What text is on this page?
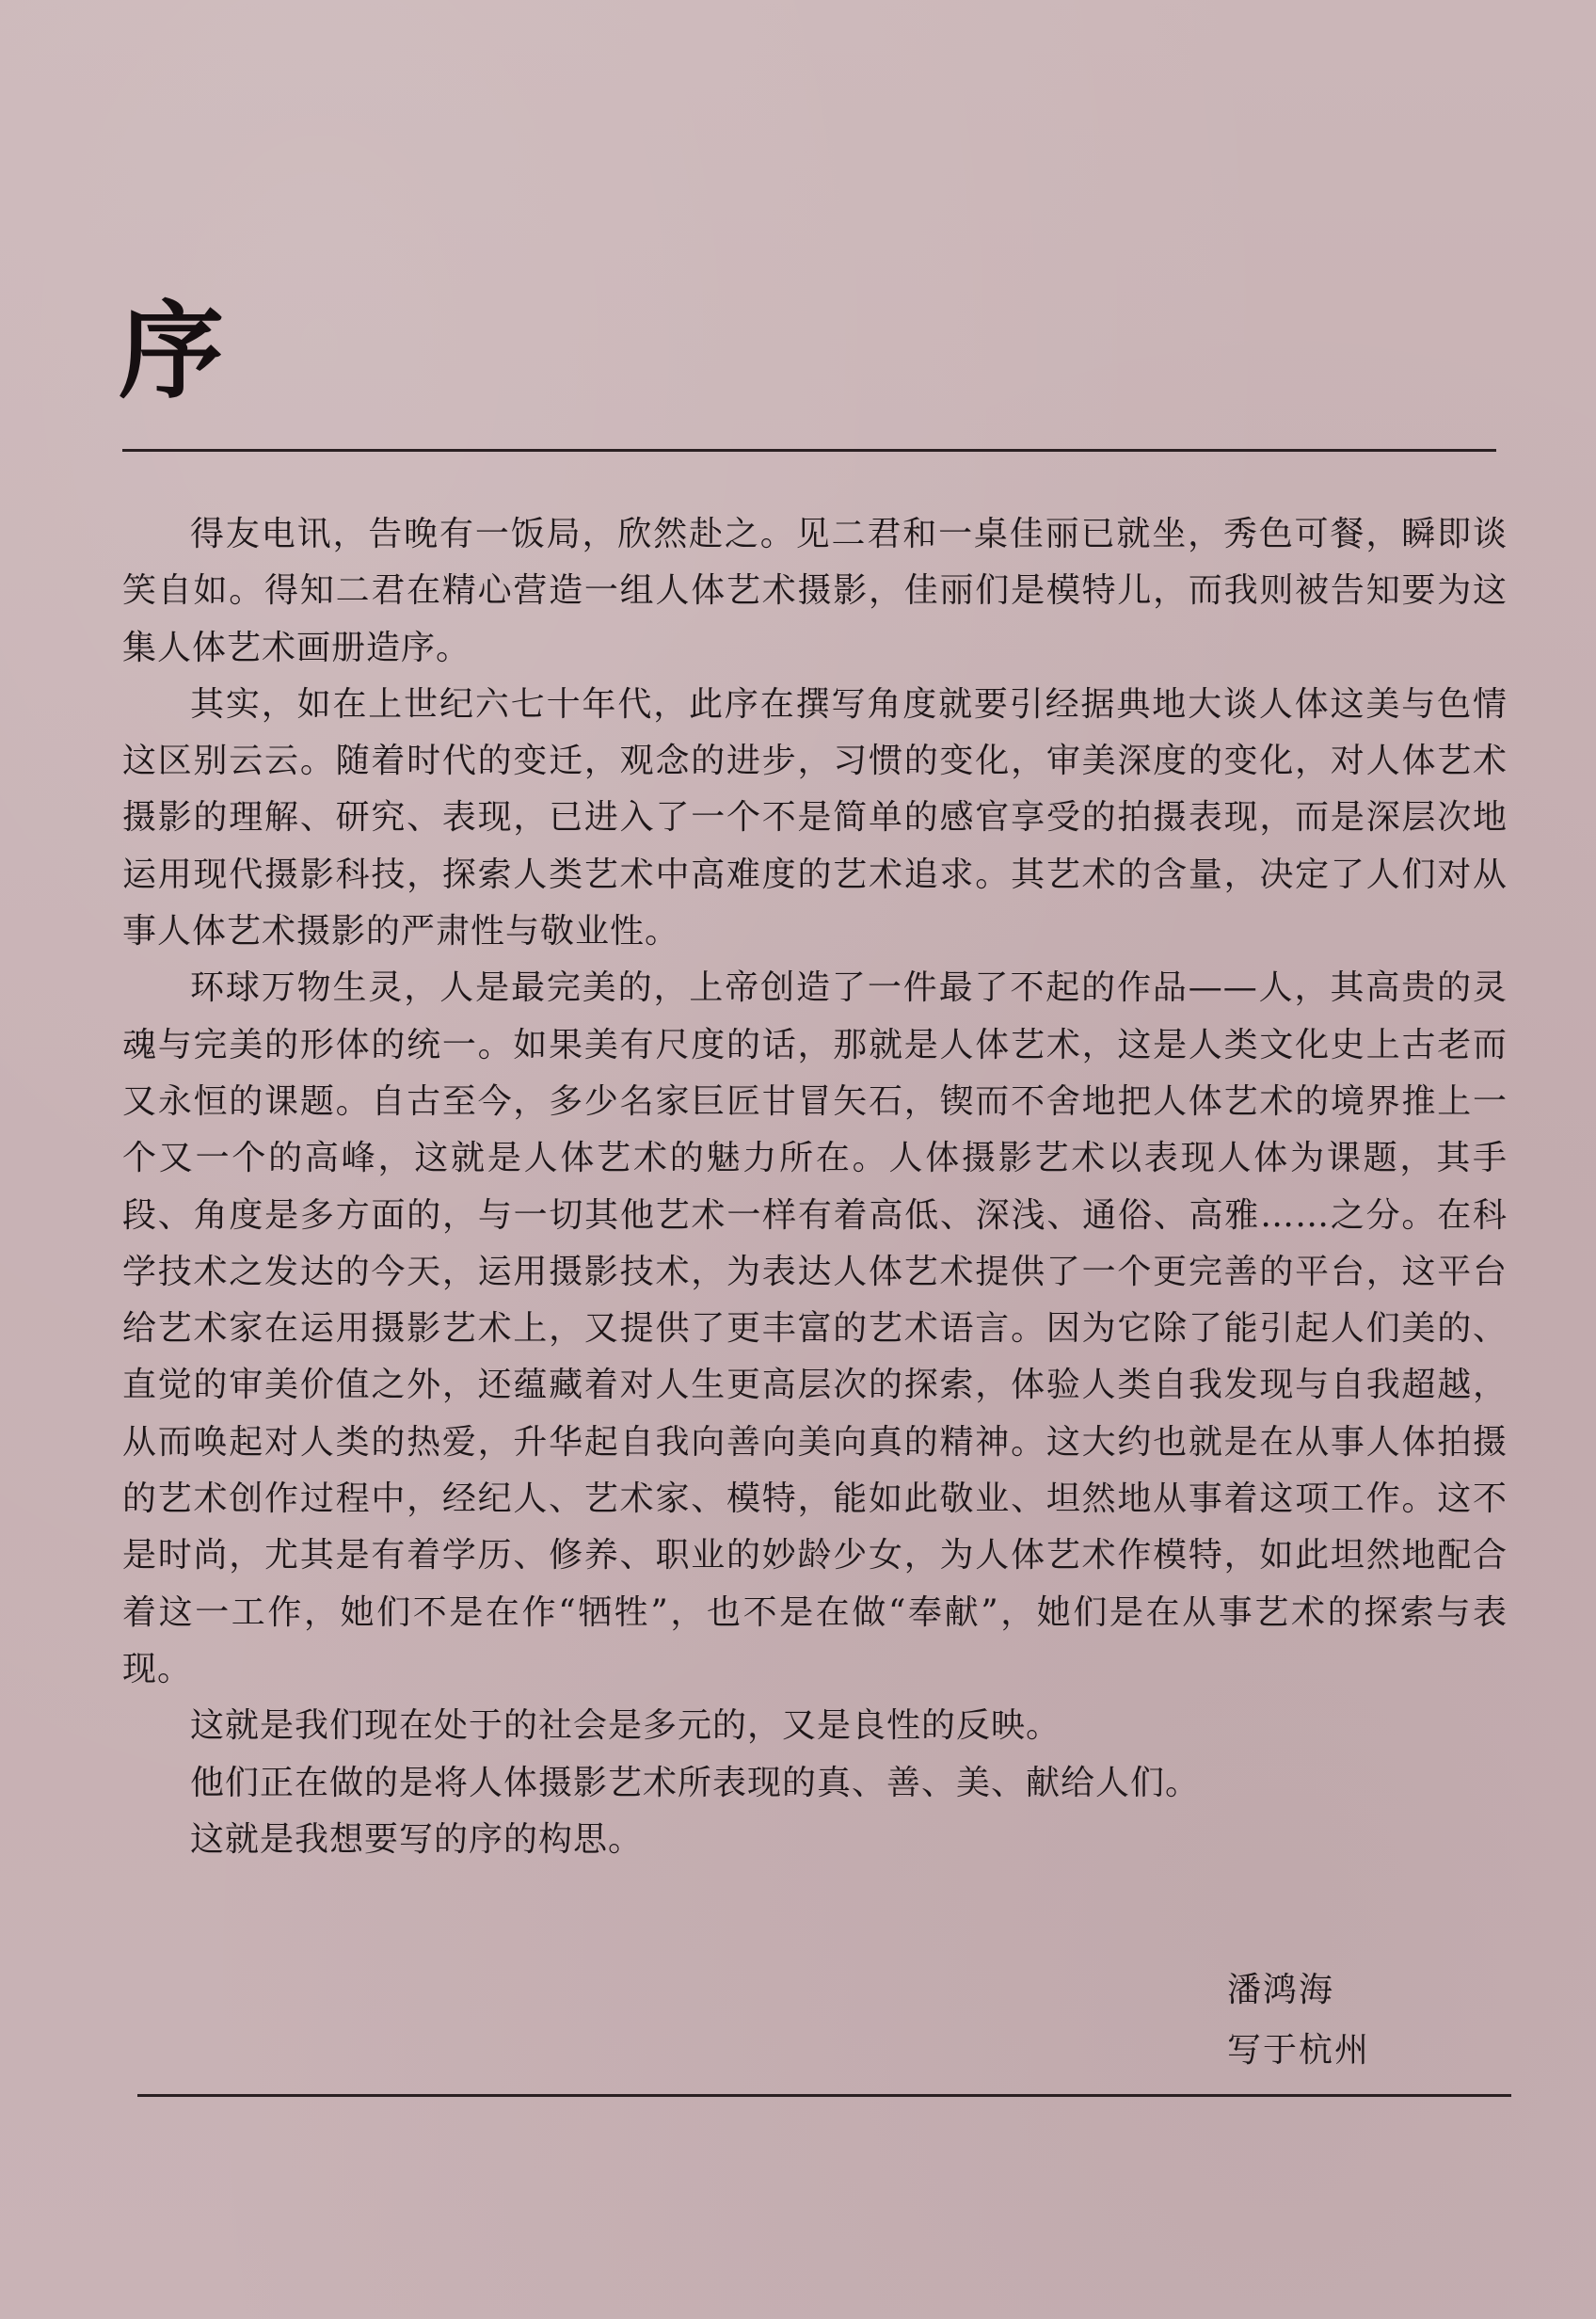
序

得友电讯，告晚有一饭局，欣然赴之。见二君和一桌佳丽已就坐，秀色可餐，瞬即谈笑自如。得知二君在精心营造一组人体艺术摄影，佳丽们是模特儿，而我则被告知要为这集人体艺术画册造序。

其实，如在上世纪六七十年代，此序在撰写角度就要引经据典地大谈人体这美与色情这区别云云。随着时代的变迁，观念的进步，习惯的变化，审美深度的变化，对人体艺术摄影的理解、研究、表现，已进入了一个不是简单的感官享受的拍摄表现，而是深层次地运用现代摄影科技，探索人类艺术中高难度的艺术追求。其艺术的含量，决定了人们对从事人体艺术摄影的严肃性与敬业性。

环球万物生灵，人是最完美的，上帝创造了一件最了不起的作品——人，其高贵的灵魂与完美的形体的统一。如果美有尺度的话，那就是人体艺术，这是人类文化史上古老而又永恒的课题。自古至今，多少名家巨匠甘冒矢石，锲而不舍地把人体艺术的境界推上一个又一个的高峰，这就是人体艺术的魅力所在。人体摄影艺术以表现人体为课题，其手段、角度是多方面的，与一切其他艺术一样有着高低、深浅、通俗、高雅……之分。在科学技术之发达的今天，运用摄影技术，为表达人体艺术提供了一个更完善的平台，这平台给艺术家在运用摄影艺术上，又提供了更丰富的艺术语言。因为它除了能引起人们美的、直觉的审美价值之外，还蕴藏着对人生更高层次的探索，体验人类自我发现与自我超越，从而唤起对人类的热爱，升华起自我向善向美向真的精神。这大约也就是在从事人体拍摄的艺术创作过程中，经纪人、艺术家、模特，能如此敬业、坦然地从事着这项工作。这不是时尚，尤其是有着学历、修养、职业的妙龄少女，为人体艺术作模特，如此坦然地配合着这一工作，她们不是在作“牺牲”，也不是在做“奉献”，她们是在从事艺术的探索与表现。

这就是我们现在处于的社会是多元的，又是良性的反映。

他们正在做的是将人体摄影艺术所表现的真、善、美、献给人们。

这就是我想要写的序的构思。

潘鸿海
写于杭州
